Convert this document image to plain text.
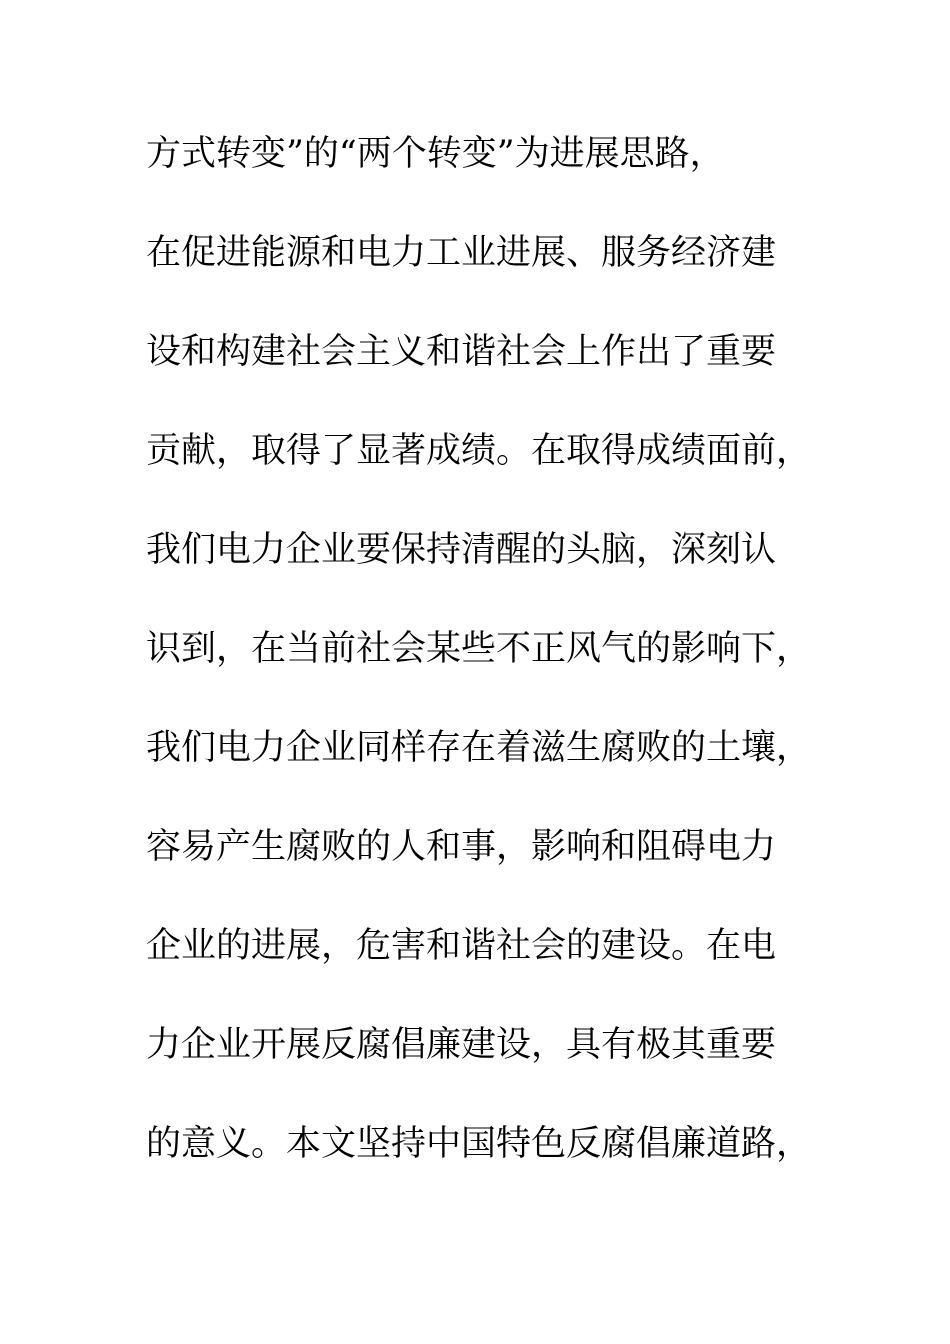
方式转变”的“两个转变”为进展思路，
在促进能源和电力工业进展、服务经济建
设和构建社会主义和谐社会上作出了重要
贡献，取得了显著成绩。在取得成绩面前，
我们电力企业要保持清醒的头脑，深刻认
识到，在当前社会某些不正风气的影响下，
我们电力企业同样存在着滋生腐败的土壤，
容易产生腐败的人和事，影响和阻碍电力
企业的进展，危害和谐社会的建设。在电
力企业开展反腐倡廉建设，具有极其重要
的意义。本文坚持中国特色反腐倡廉道路，
